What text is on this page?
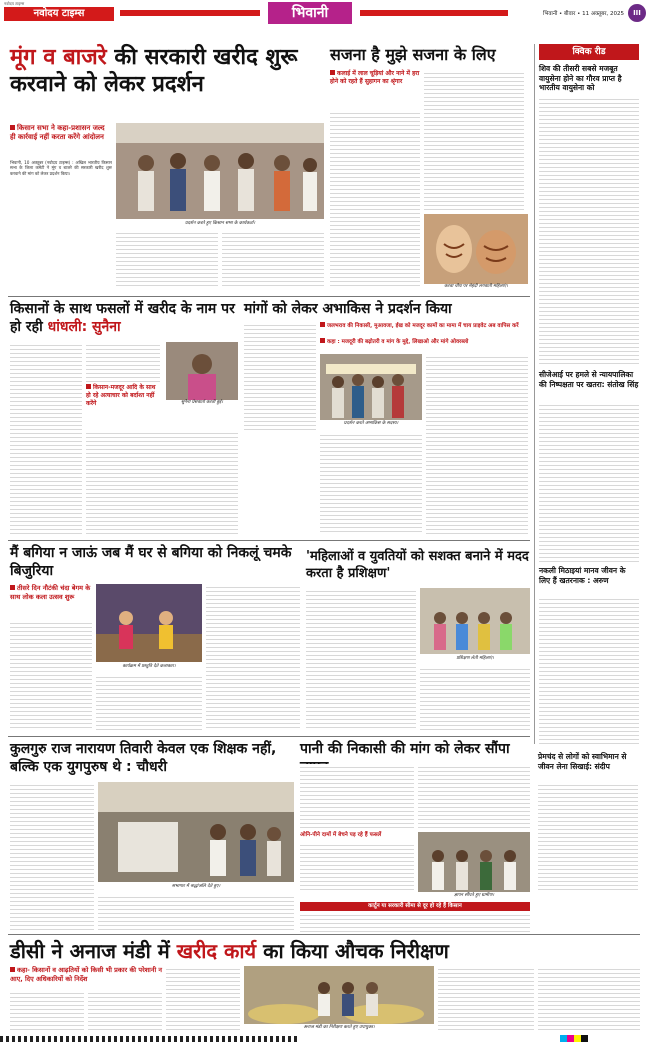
नवोदय टाइम्स
नवोदय टाइम्स	भिवानी	भिवानी • बीवार • 11 अक्तूबर, 2025	III
मूंग व बाजरे की सरकारी खरीद शुरू करवाने को लेकर प्रदर्शन
किसान सभा ने कहा-प्रशासन जल्द ही कार्रवाई नहीं करता करेंगे आंदोलन
भिवानी, 10 अक्तूबर (नवोदय टाइम्स) : अखिल भारतीय किसान सभा के जिला कमेटी ने मूंग व बाजरे की सरकारी खरीद शुरू करवाने की मांग को लेकर प्रदर्शन किया।
प्रदर्शन करते हुए किसान सभा के कार्यकर्ता।
सजना है मुझे सजना के लिए
कलाई में लाल चूड़ियां और नाने में हरा होने को रहते हैं सुहागन का श्रृंगार
करवा चौथ पर मेहंदी लगवाती महिलाएं।
क्विक रीड
शिव की तीसरी सबसे मजबूत वायुसेना होने का गौरव प्राप्त है भारतीय वायुसेना को
सीजेआई पर हमले से न्यायपालिका की निष्पक्षता पर खतरा: संतोख सिंह
नकली मिठाइयां मानव जीवन के लिए हैं खतरनाक : अरुण
प्रेमचंद से लोगों को स्वाभिमान से जीवन लेना सिखाई: संदीप
किसानों के साथ फसलों में खरीद के नाम पर हो रही धांधली: सुनैना
किसान-मजदूर आदि के साथ हो रहे अत्याचार को बर्दाश्त नहीं करेंगे	सुनैना प्रेसवार्ता करती हुई।
मांगों को लेकर अभाकिस ने प्रदर्शन किया
जलभराव की निकासी, मुआवजा, ईख को मजदूर कामों का मामा में चाय प्राइवेट अब वापिस करें
कहा : मजदूरी की बढ़ोतरी व मांग के मुद्दे, लिखाओ और मांगे ओवरब्लो
प्रदर्शन करते अभाकिस के सदस्य।
मैं बगिया न जाऊं जब मैं घर से बगिया को निकलूं चमके बिजुरिया
तीसरे दिन नौटंकी चंदा बेगम के साथ लोक कला उत्सव शुरू
कार्यक्रम में प्रस्तुति देते कलाकार।
'महिलाओं व युवतियों को सशक्त बनाने में मदद करता है प्रशिक्षण'
प्रशिक्षण लेती महिलाएं।
कुलगुरु राज नारायण तिवारी केवल एक शिक्षक नहीं, बल्कि एक युगपुरुष थे : चौधरी
सभागार में श्रद्धांजलि देते हुए।
पानी की निकासी की मांग को लेकर सौंपा
ओनि-पीने दामों में बेचने पड़ रहे हैं फसलें
ज्ञापन सौंपते हुए ग्रामीण।
कार्टून या सरकारी सीमा से दूर हो रहे हैं किसान
डीसी ने अनाज मंडी में खरीद कार्य का किया औचक निरीक्षण
कहा- किसानों व आढ़तियों को किसी भी प्रकार की परेशानी न आए, दिए अधिकारियों को निर्देश
अनाज मंडी का निरीक्षण करते हुए उपायुक्त।
